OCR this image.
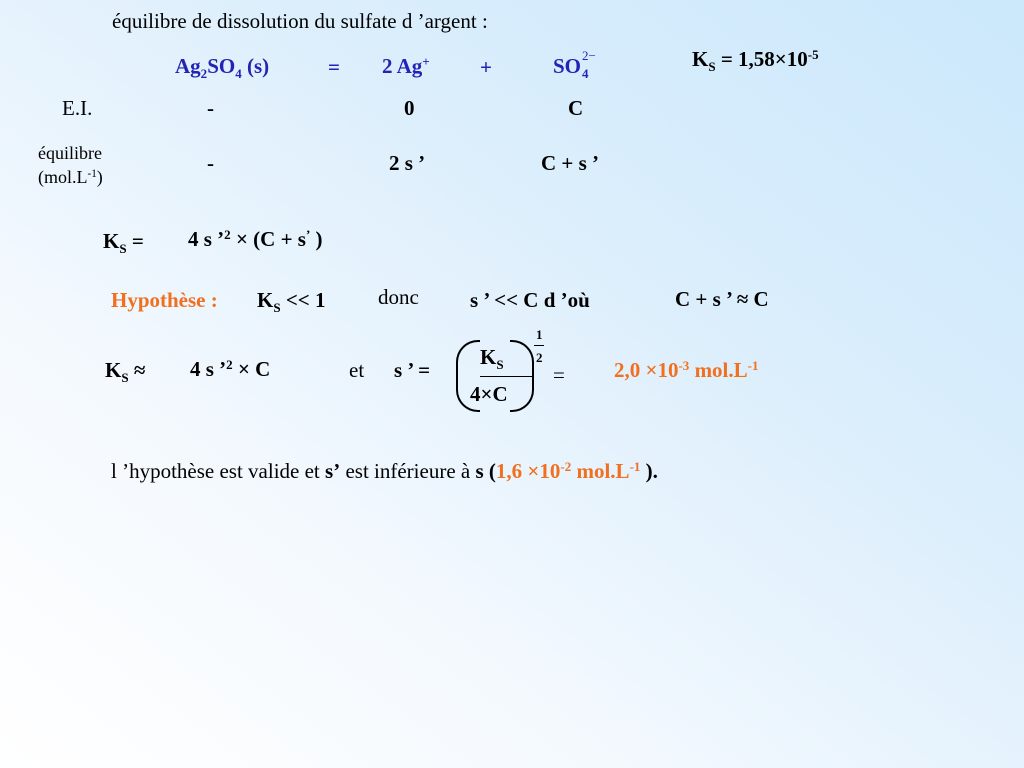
équilibre de dissolution du sulfate d ’argent :
$Ag_2SO_4$ (s)	= 2 Ag+ +	SO 2−
4
$K_S = 1,58\times 10^{-5}$
E.I.	-	0	C
équilibre
$(mol.L^{-1})$
-	2 s ’	C + s ’
$K_S = 4$ s ’$^2$ × (C + s’ )
Hypothèse : $K_S << 1$ donc s ’ << C d ’où	C + s ’ ≈ C
$K_S \approx 4$ s ’$^2$ × C	et s ’ =
$K_S$
4×C
1
2
= $2,0 \times 10^{-3}$ $mol.L^{-1}$
l ’hypothèse est valide et s’ est inférieure à s ($1,6 \times 10^{-2}$ $mol.L^{-1}$ ).
